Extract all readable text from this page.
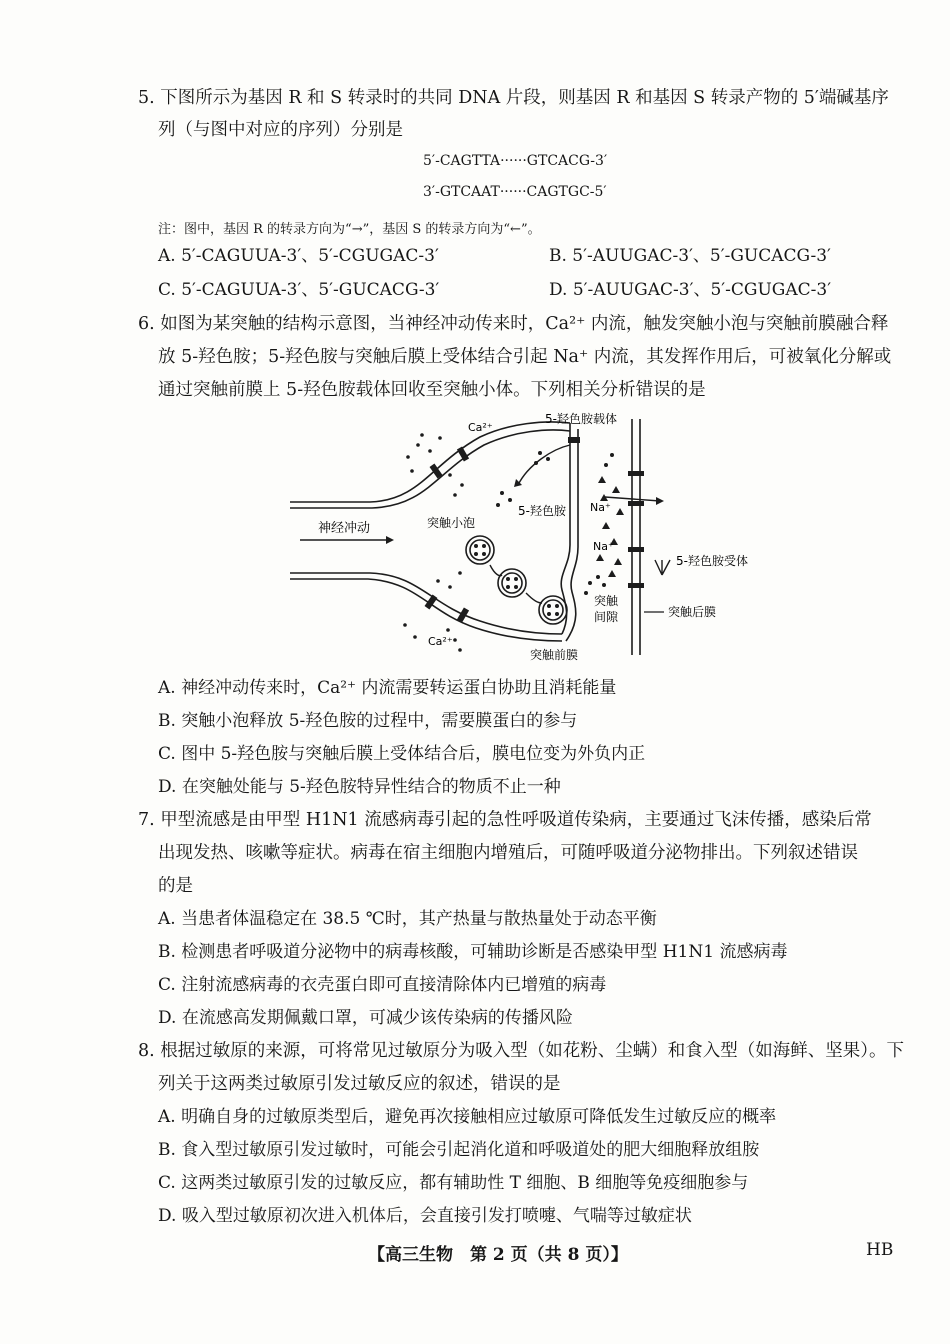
5. 下图所示为基因 R 和 S 转录时的共同 DNA 片段，则基因 R 和基因 S 转录产物的 5′端碱基序
列（与图中对应的序列）分别是
5′-CAGTTA······GTCACG-3′
3′-GTCAAT······CAGTGC-5′
注：图中，基因 R 的转录方向为“→”，基因 S 的转录方向为“←”。
A. 5′-CAGUUA-3′、5′-CGUGAC-3′	B. 5′-AUUGAC-3′、5′-GUCACG-3′
C. 5′-CAGUUA-3′、5′-GUCACG-3′	D. 5′-AUUGAC-3′、5′-CGUGAC-3′
6. 如图为某突触的结构示意图，当神经冲动传来时，Ca²⁺ 内流，触发突触小泡与突触前膜融合释
放 5-羟色胺；5-羟色胺与突触后膜上受体结合引起 Na⁺ 内流，其发挥作用后，可被氧化分解或
通过突触前膜上 5-羟色胺载体回收至突触小体。下列相关分析错误的是
Ca²⁺
Ca²⁺
5-羟色胺载体
5-羟色胺
突触小泡
Na⁺
Na⁺
神经冲动
5-羟色胺受体
突触
间隙	突触后膜
突触前膜
A. 神经冲动传来时，Ca²⁺ 内流需要转运蛋白协助且消耗能量
B. 突触小泡释放 5-羟色胺的过程中，需要膜蛋白的参与
C. 图中 5-羟色胺与突触后膜上受体结合后，膜电位变为外负内正
D. 在突触处能与 5-羟色胺特异性结合的物质不止一种
7. 甲型流感是由甲型 H1N1 流感病毒引起的急性呼吸道传染病，主要通过飞沫传播，感染后常
出现发热、咳嗽等症状。病毒在宿主细胞内增殖后，可随呼吸道分泌物排出。下列叙述错误
的是
A. 当患者体温稳定在 38.5 ℃时，其产热量与散热量处于动态平衡
B. 检测患者呼吸道分泌物中的病毒核酸，可辅助诊断是否感染甲型 H1N1 流感病毒
C. 注射流感病毒的衣壳蛋白即可直接清除体内已增殖的病毒
D. 在流感高发期佩戴口罩，可减少该传染病的传播风险
8. 根据过敏原的来源，可将常见过敏原分为吸入型（如花粉、尘螨）和食入型（如海鲜、坚果）。下
列关于这两类过敏原引发过敏反应的叙述，错误的是
A. 明确自身的过敏原类型后，避免再次接触相应过敏原可降低发生过敏反应的概率
B. 食入型过敏原引发过敏时，可能会引起消化道和呼吸道处的肥大细胞释放组胺
C. 这两类过敏原引发的过敏反应，都有辅助性 T 细胞、B 细胞等免疫细胞参与
D. 吸入型过敏原初次进入机体后，会直接引发打喷嚏、气喘等过敏症状
【高三生物　第 2 页（共 8 页）】	HB
